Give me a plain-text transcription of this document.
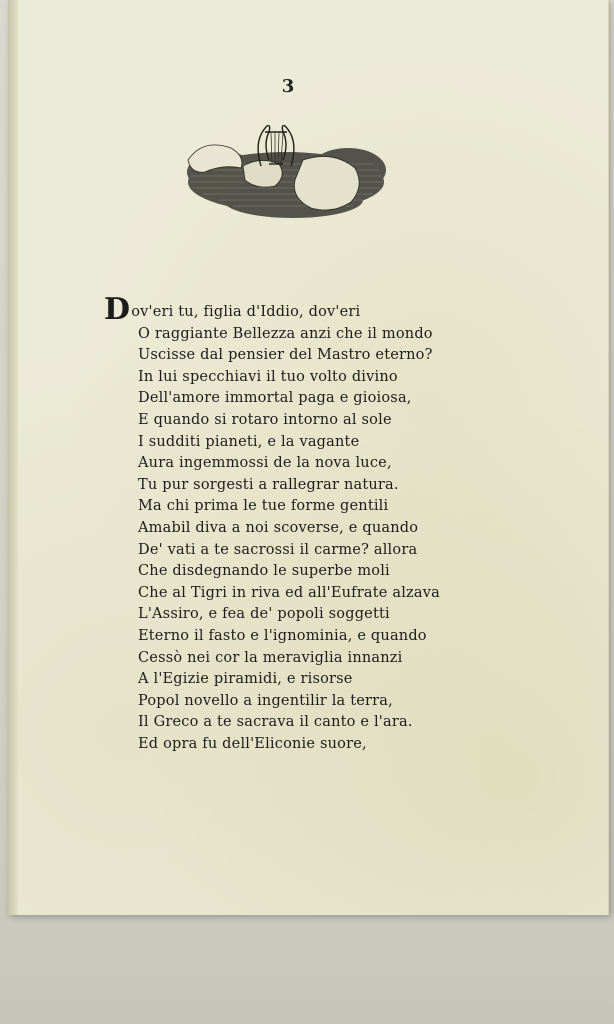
3
Dov'eri tu, figlia d'Iddio, dov'eri
O raggiante Bellezza anzi che il mondo
Uscisse dal pensier del Mastro eterno?
In lui specchiavi il tuo volto divino
Dell'amore immortal paga e gioiosa,
E quando si rotaro intorno al sole
I sudditi pianeti, e la vagante
Aura ingemmossi de la nova luce,
Tu pur sorgesti a rallegrar natura.
Ma chi prima le tue forme gentili
Amabil diva a noi scoverse, e quando
De' vati a te sacrossi il carme? allora
Che disdegnando le superbe moli
Che al Tigri in riva ed all'Eufrate alzava
L'Assiro, e fea de' popoli soggetti
Eterno il fasto e l'ignominia, e quando
Cessò nei cor la meraviglia innanzi
A l'Egizie piramidi, e risorse
Popol novello a ingentilir la terra,
Il Greco a te sacrava il canto e l'ara.
Ed opra fu dell'Eliconie suore,
